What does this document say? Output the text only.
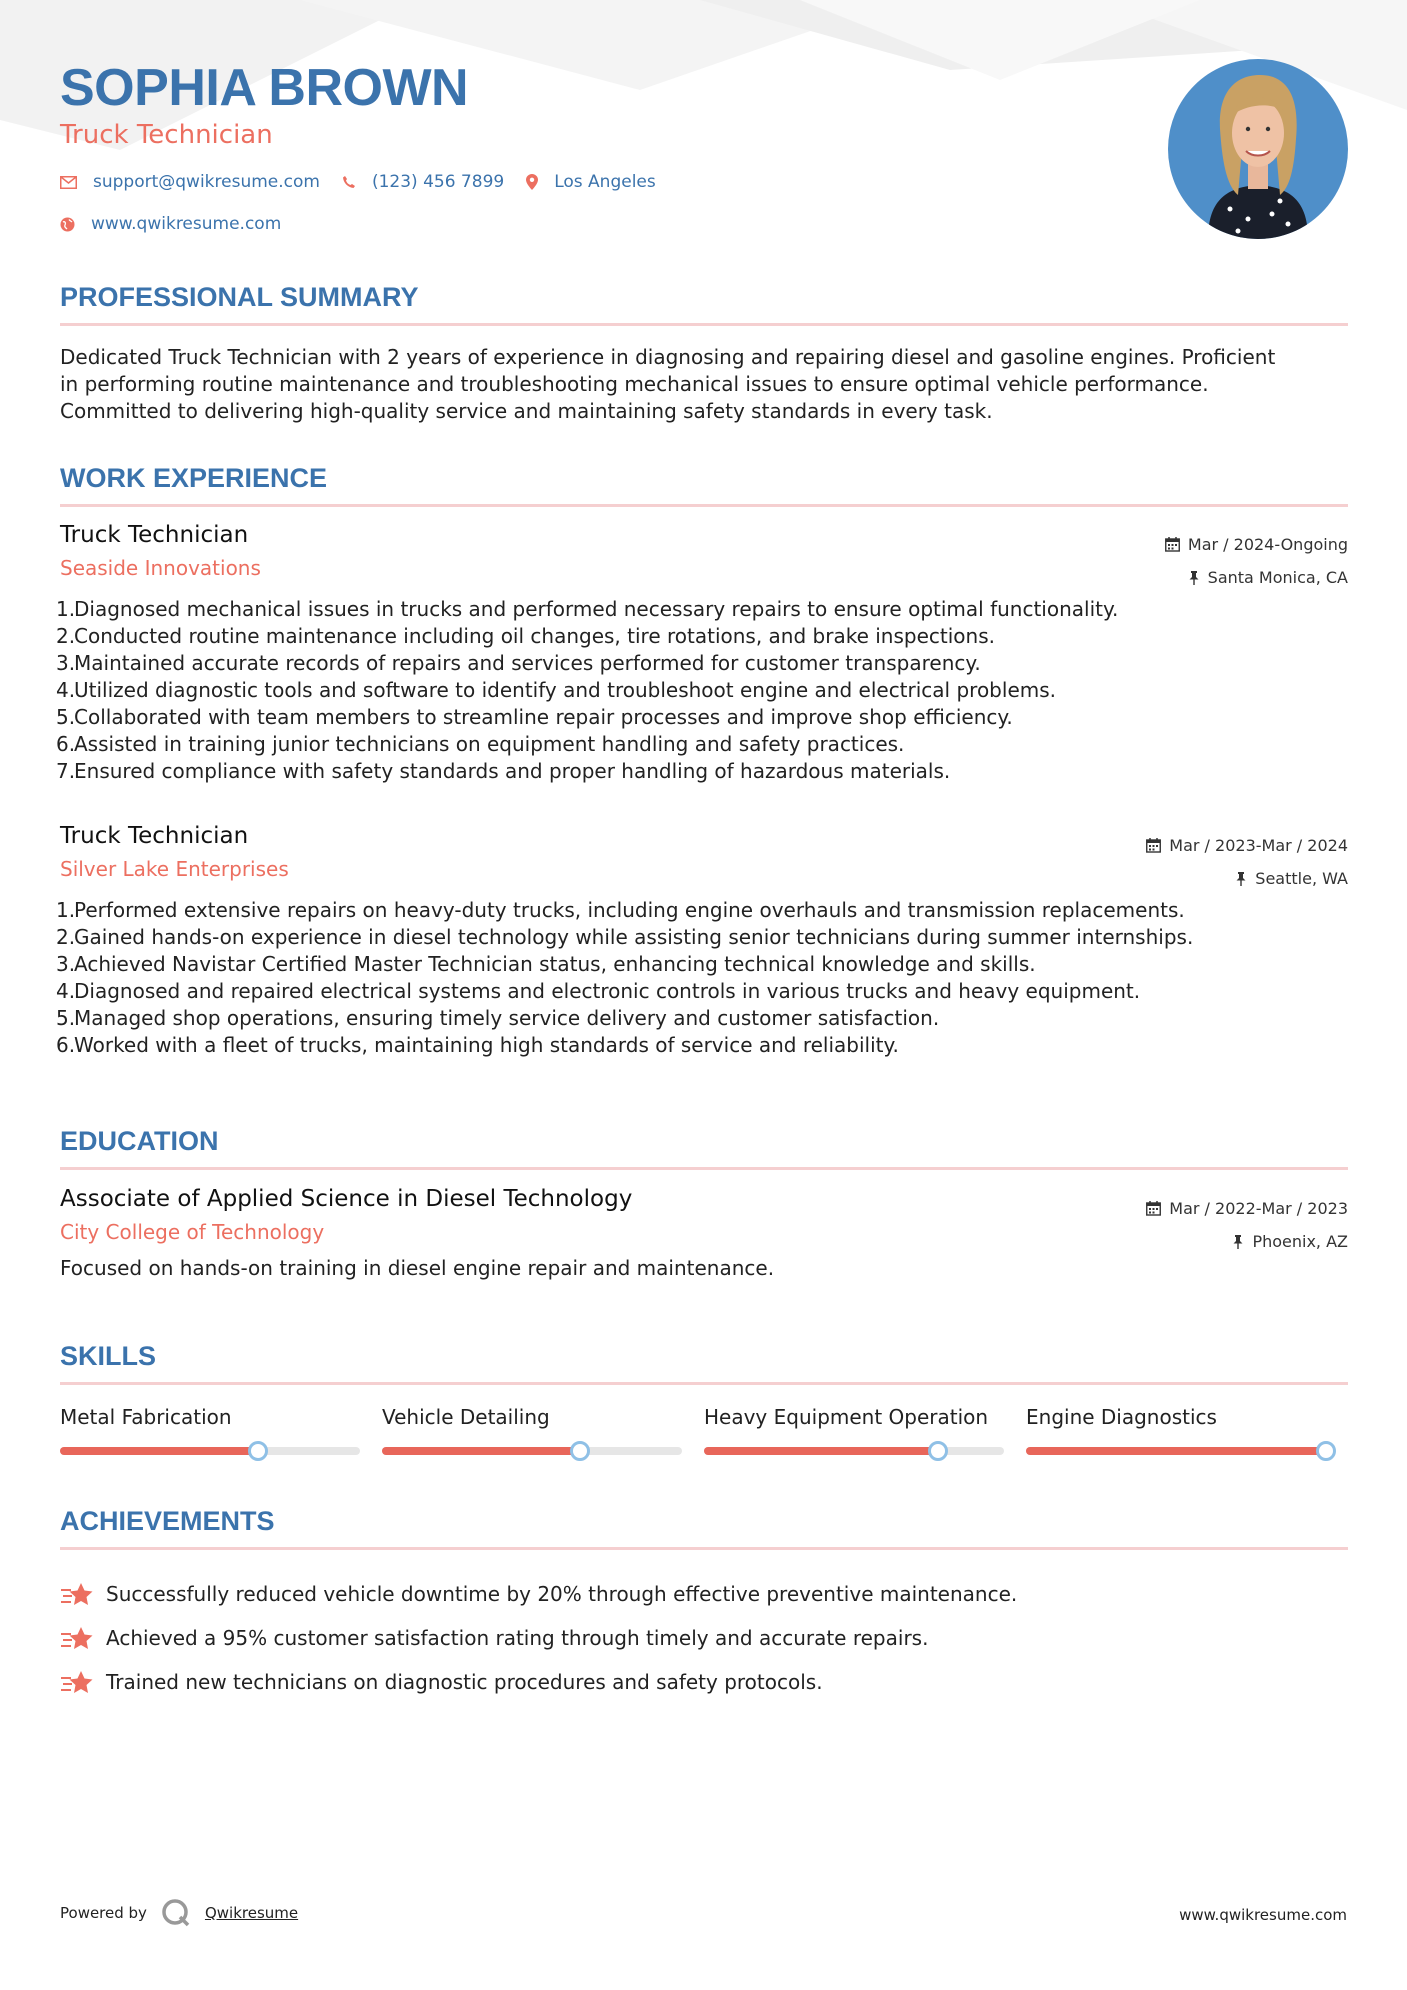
SOPHIA BROWN
Truck Technician
support@qwikresume.com	(123) 456 7899	Los Angeles
www.qwikresume.com
PROFESSIONAL SUMMARY
Dedicated Truck Technician with 2 years of experience in diagnosing and repairing diesel and gasoline engines. Proficient
in performing routine maintenance and troubleshooting mechanical issues to ensure optimal vehicle performance.
Committed to delivering high-quality service and maintaining safety standards in every task.
WORK EXPERIENCE
Truck Technician
Seaside Innovations
Mar / 2024-Ongoing
Santa Monica, CA
1.
Diagnosed mechanical issues in trucks and performed necessary repairs to ensure optimal functionality.
2.
Conducted routine maintenance including oil changes, tire rotations, and brake inspections.
3.
Maintained accurate records of repairs and services performed for customer transparency.
4.
Utilized diagnostic tools and software to identify and troubleshoot engine and electrical problems.
5.
Collaborated with team members to streamline repair processes and improve shop efficiency.
6.
Assisted in training junior technicians on equipment handling and safety practices.
7.
Ensured compliance with safety standards and proper handling of hazardous materials.
Truck Technician
Silver Lake Enterprises
Mar / 2023-Mar / 2024
Seattle, WA
1.
Performed extensive repairs on heavy-duty trucks, including engine overhauls and transmission replacements.
2.
Gained hands-on experience in diesel technology while assisting senior technicians during summer internships.
3.
Achieved Navistar Certified Master Technician status, enhancing technical knowledge and skills.
4.
Diagnosed and repaired electrical systems and electronic controls in various trucks and heavy equipment.
5.
Managed shop operations, ensuring timely service delivery and customer satisfaction.
6.
Worked with a fleet of trucks, maintaining high standards of service and reliability.
EDUCATION
Associate of Applied Science in Diesel Technology
City College of Technology
Mar / 2022-Mar / 2023
Phoenix, AZ
Focused on hands-on training in diesel engine repair and maintenance.
SKILLS
Metal Fabrication	Vehicle Detailing	Heavy Equipment Operation	Engine Diagnostics
ACHIEVEMENTS
Successfully reduced vehicle downtime by 20% through effective preventive maintenance.
Achieved a 95% customer satisfaction rating through timely and accurate repairs.
Trained new technicians on diagnostic procedures and safety protocols.
Powered by	Qwikresume	www.qwikresume.com
